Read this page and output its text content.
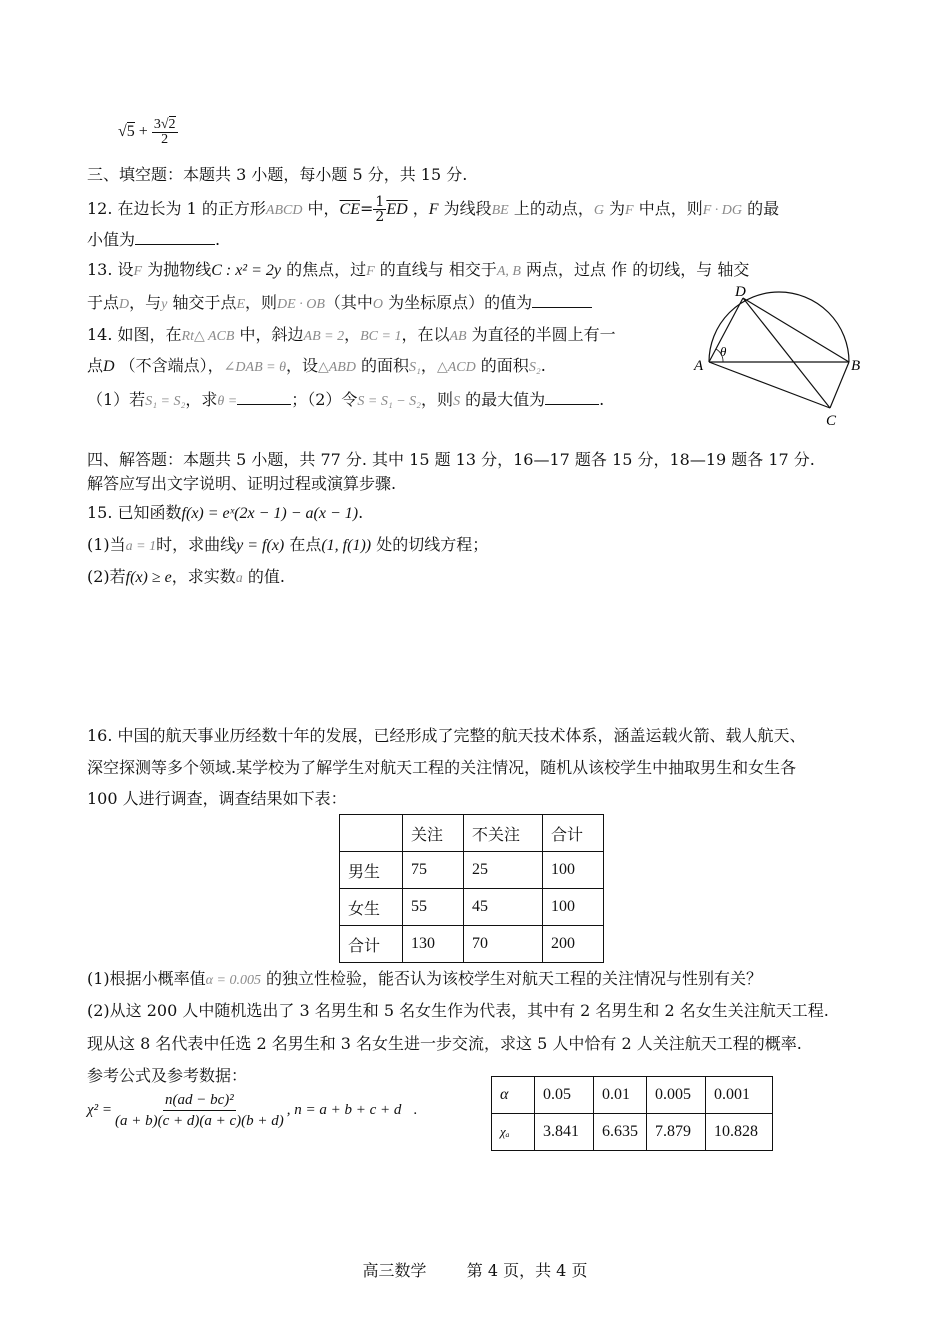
$√5 + \frac{3√2}{2}$
三、填空题：本题共 3 小题，每小题 5 分，共 15 分.
12. 在边长为 1 的正方形ABCD 中，$\overline{CE}= \frac{1}{2} \overline{ED}$ ，F 为线段BE 上的动点，G 为F 中点，则F · DG 的最
小值为	.
13. 设F 为抛物线C : x² = 2y 的焦点，过F 的直线与 相交于A, B 两点，过点 作 的切线，与 轴交
于点D，与y 轴交于点E，则DE · OB（其中O 为坐标原点）的值为
14. 如图，在Rt△ ACB 中，斜边AB = 2，BC = 1，在以AB 为直径的半圆上有一
点D （不含端点），∠DAB = θ，设△ABD 的面积S₁，△ACD 的面积S₂.
（1）若S₁ = S₂，求θ =	；（2）令S = S₁ − S₂，则S 的最大值为	.
A	B
C
D
θ
四、解答题：本题共 5 小题，共 77 分. 其中 15 题 13 分，16—17 题各 15 分，18—19 题各 17 分.
解答应写出文字说明、证明过程或演算步骤.
15. 已知函数f(x) = eˣ(2x − 1) − a(x − 1).
(1)当a = 1时，求曲线y = f(x) 在点(1, f(1)) 处的切线方程；
(2)若f(x) ≥ e，求实数a 的值.
16. 中国的航天事业历经数十年的发展，已经形成了完整的航天技术体系，涵盖运载火箭、载人航天、
深空探测等多个领域.某学校为了解学生对航天工程的关注情况，随机从该校学生中抽取男生和女生各
100 人进行调查，调查结果如下表：
	关注	不关注	合计
男生	75	25	100
女生	55	45	100
合计	130	70	200
(1)根据小概率值α = 0.005 的独立性检验，能否认为该校学生对航天工程的关注情况与性别有关？
(2)从这 200 人中随机选出了 3 名男生和 5 名女生作为代表，其中有 2 名男生和 2 名女生关注航天工程.
现从这 8 名代表中任选 2 名男生和 3 名女生进一步交流，求这 5 人中恰有 2 人关注航天工程的概率.
参考公式及参考数据：
$\chi^2 = \frac{\text{n(ad − bc)²}}{(a + b)(c + d)(a + c)(b + d)}$ , n = a + b + c + d .
α	0.05	0.01	0.005	0.001
χₐ	3.841	6.635	7.879	10.828
高三数学	第 4 页，共 4 页
